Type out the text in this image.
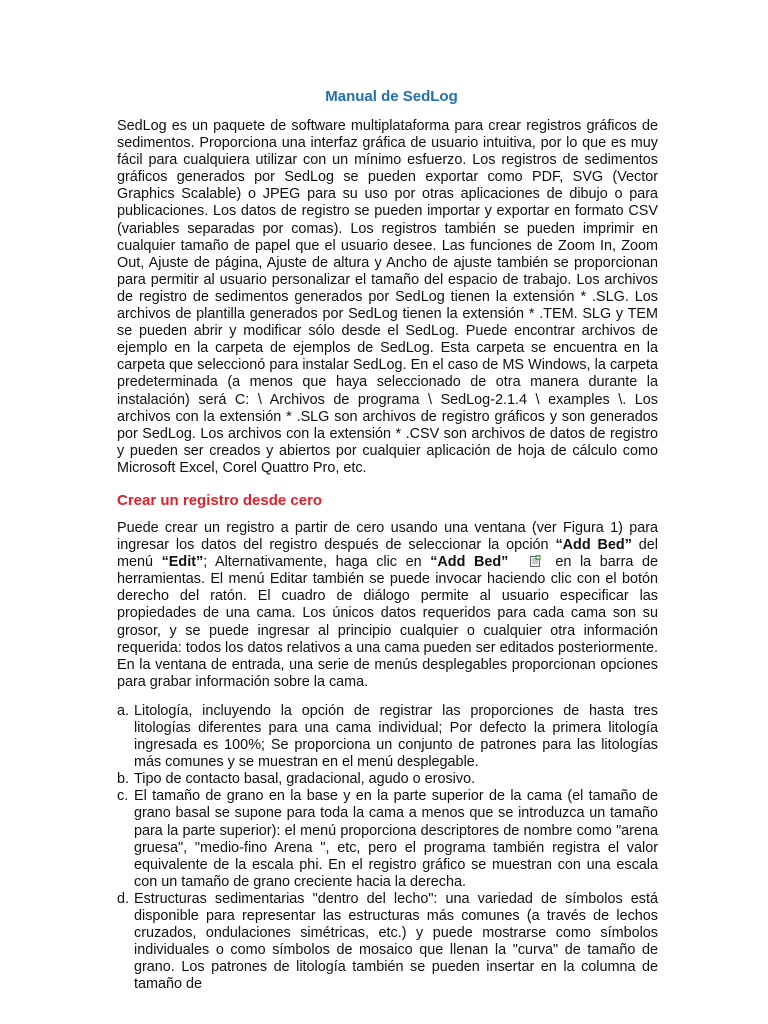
Manual de SedLog

SedLog es un paquete de software multiplataforma para crear registros gráficos de sedimentos. Proporciona una interfaz gráfica de usuario intuitiva, por lo que es muy fácil para cualquiera utilizar con un mínimo esfuerzo. Los registros de sedimentos gráficos generados por SedLog se pueden exportar como PDF, SVG (Vector Graphics Scalable) o JPEG para su uso por otras aplicaciones de dibujo o para publicaciones. Los datos de registro se pueden importar y exportar en formato CSV (variables separadas por comas). Los registros también se pueden imprimir en cualquier tamaño de papel que el usuario desee. Las funciones de Zoom In, Zoom Out, Ajuste de página, Ajuste de altura y Ancho de ajuste también se proporcionan para permitir al usuario personalizar el tamaño del espacio de trabajo. Los archivos de registro de sedimentos generados por SedLog tienen la extensión * .SLG. Los archivos de plantilla generados por SedLog tienen la extensión * .TEM. SLG y TEM se pueden abrir y modificar sólo desde el SedLog. Puede encontrar archivos de ejemplo en la carpeta de ejemplos de SedLog. Esta carpeta se encuentra en la carpeta que seleccionó para instalar SedLog. En el caso de MS Windows, la carpeta predeterminada (a menos que haya seleccionado de otra manera durante la instalación) será C: \ Archivos de programa \ SedLog-2.1.4 \ examples \. Los archivos con la extensión * .SLG son archivos de registro gráficos y son generados por SedLog. Los archivos con la extensión * .CSV son archivos de datos de registro y pueden ser creados y abiertos por cualquier aplicación de hoja de cálculo como Microsoft Excel, Corel Quattro Pro, etc.

Crear un registro desde cero

Puede crear un registro a partir de cero usando una ventana (ver Figura 1) para ingresar los datos del registro después de seleccionar la opción “Add Bed” del menú “Edit”; Alternativamente, haga clic en “Add Bed”	en la barra de herramientas. El menú Editar también se puede invocar haciendo clic con el botón derecho del ratón. El cuadro de diálogo permite al usuario especificar las propiedades de una cama. Los únicos datos requeridos para cada cama son su grosor, y se puede ingresar al principio cualquier o cualquier otra información requerida: todos los datos relativos a una cama pueden ser editados posteriormente. En la ventana de entrada, una serie de menús desplegables proporcionan opciones para grabar información sobre la cama.

a. Litología, incluyendo la opción de registrar las proporciones de hasta tres litologías diferentes para una cama individual; Por defecto la primera litología ingresada es 100%; Se proporciona un conjunto de patrones para las litologías más comunes y se muestran en el menú desplegable.
b. Tipo de contacto basal, gradacional, agudo o erosivo.
c. El tamaño de grano en la base y en la parte superior de la cama (el tamaño de grano basal se supone para toda la cama a menos que se introduzca un tamaño para la parte superior): el menú proporciona descriptores de nombre como "arena gruesa", "medio-fino Arena ", etc, pero el programa también registra el valor equivalente de la escala phi. En el registro gráfico se muestran con una escala con un tamaño de grano creciente hacia la derecha.
d. Estructuras sedimentarias "dentro del lecho": una variedad de símbolos está disponible para representar las estructuras más comunes (a través de lechos cruzados, ondulaciones simétricas, etc.) y puede mostrarse como símbolos individuales o como símbolos de mosaico que llenan la "curva" de tamaño de grano. Los patrones de litología también se pueden insertar en la columna de tamaño de
